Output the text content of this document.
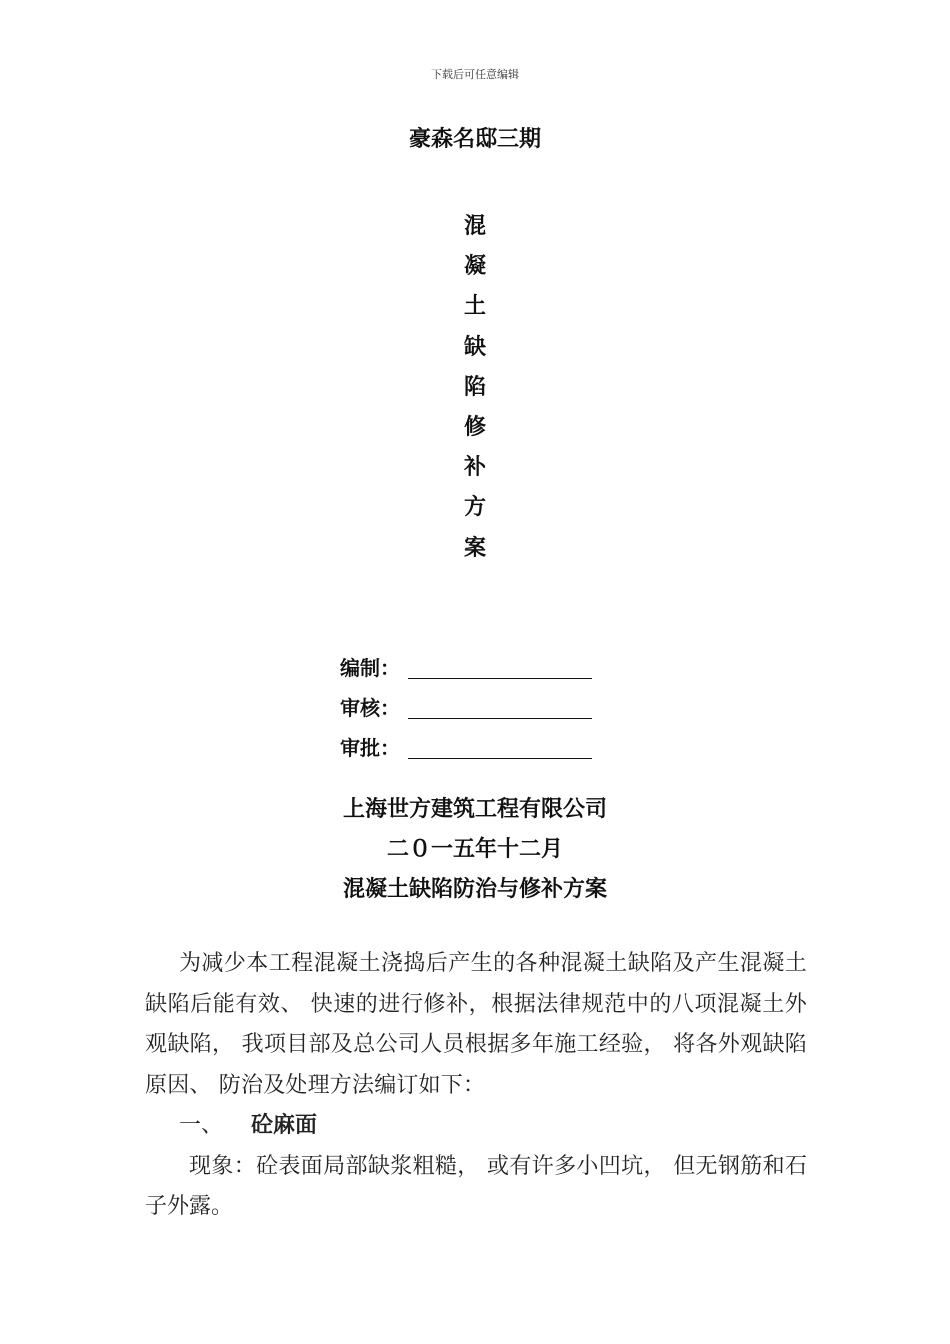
下载后可任意编辑
豪森名邸三期
混
凝
土
缺
陷
修
补
方
案
编制：
审核：
审批：
上海世方建筑工程有限公司
二０一五年十二月
混凝土缺陷防治与修补方案

为减少本工程混凝土浇捣后产生的各种混凝土缺陷及产生混凝土缺陷后能有效、 快速的进行修补，根据法律规范中的八项混凝土外观缺陷， 我项目部及总公司人员根据多年施工经验， 将各外观缺陷原因、 防治及处理方法编订如下：

一、 砼麻面

现象：砼表面局部缺浆粗糙， 或有许多小凹坑， 但无钢筋和石子外露。
